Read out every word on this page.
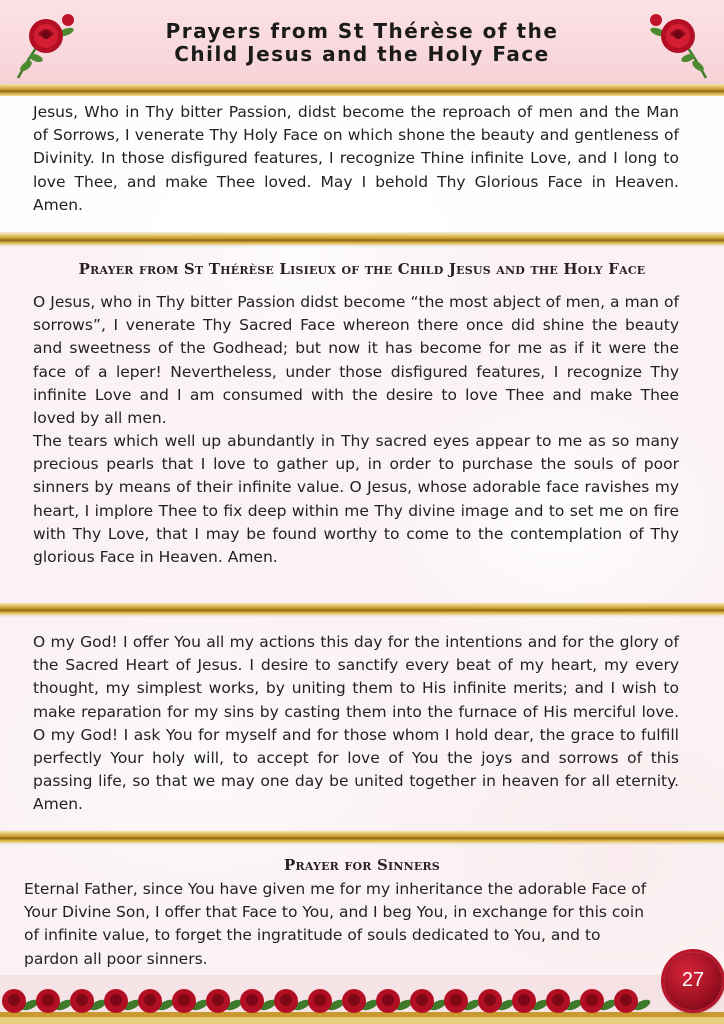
Prayers from St Thérèse of the
Child Jesus and the Holy Face

Jesus, Who in Thy bitter Passion, didst become the reproach of men and the Man of Sorrows, I venerate Thy Holy Face on which shone the beauty and gentleness of Divinity. In those disfigured features, I recognize Thine infinite Love, and I long to love Thee, and make Thee loved. May I behold Thy Glorious Face in Heaven. Amen.

Prayer from St Thérèse Lisieux of the Child Jesus and the Holy Face

O Jesus, who in Thy bitter Passion didst become “the most abject of men, a man of sorrows”, I venerate Thy Sacred Face whereon there once did shine the beauty and sweetness of the Godhead; but now it has become for me as if it were the face of a leper! Nevertheless, under those disfigured features, I recognize Thy infinite Love and I am consumed with the desire to love Thee and make Thee loved by all men.

The tears which well up abundantly in Thy sacred eyes appear to me as so many precious pearls that I love to gather up, in order to purchase the souls of poor sinners by means of their infinite value. O Jesus, whose adorable face ravishes my heart, I implore Thee to fix deep within me Thy divine image and to set me on fire with Thy Love, that I may be found worthy to come to the contemplation of Thy glorious Face in Heaven. Amen.

O my God! I offer You all my actions this day for the intentions and for the glory of the Sacred Heart of Jesus. I desire to sanctify every beat of my heart, my every thought, my simplest works, by uniting them to His infinite merits; and I wish to make reparation for my sins by casting them into the furnace of His merciful love. O my God! I ask You for myself and for those whom I hold dear, the grace to fulfill perfectly Your holy will, to accept for love of You the joys and sorrows of this passing life, so that we may one day be united together in heaven for all eternity. Amen.

Prayer for Sinners

Eternal Father, since You have given me for my inheritance the adorable Face of Your Divine Son, I offer that Face to You, and I beg You, in exchange for this coin of infinite value, to forget the ingratitude of souls dedicated to You, and to pardon all poor sinners.

27
